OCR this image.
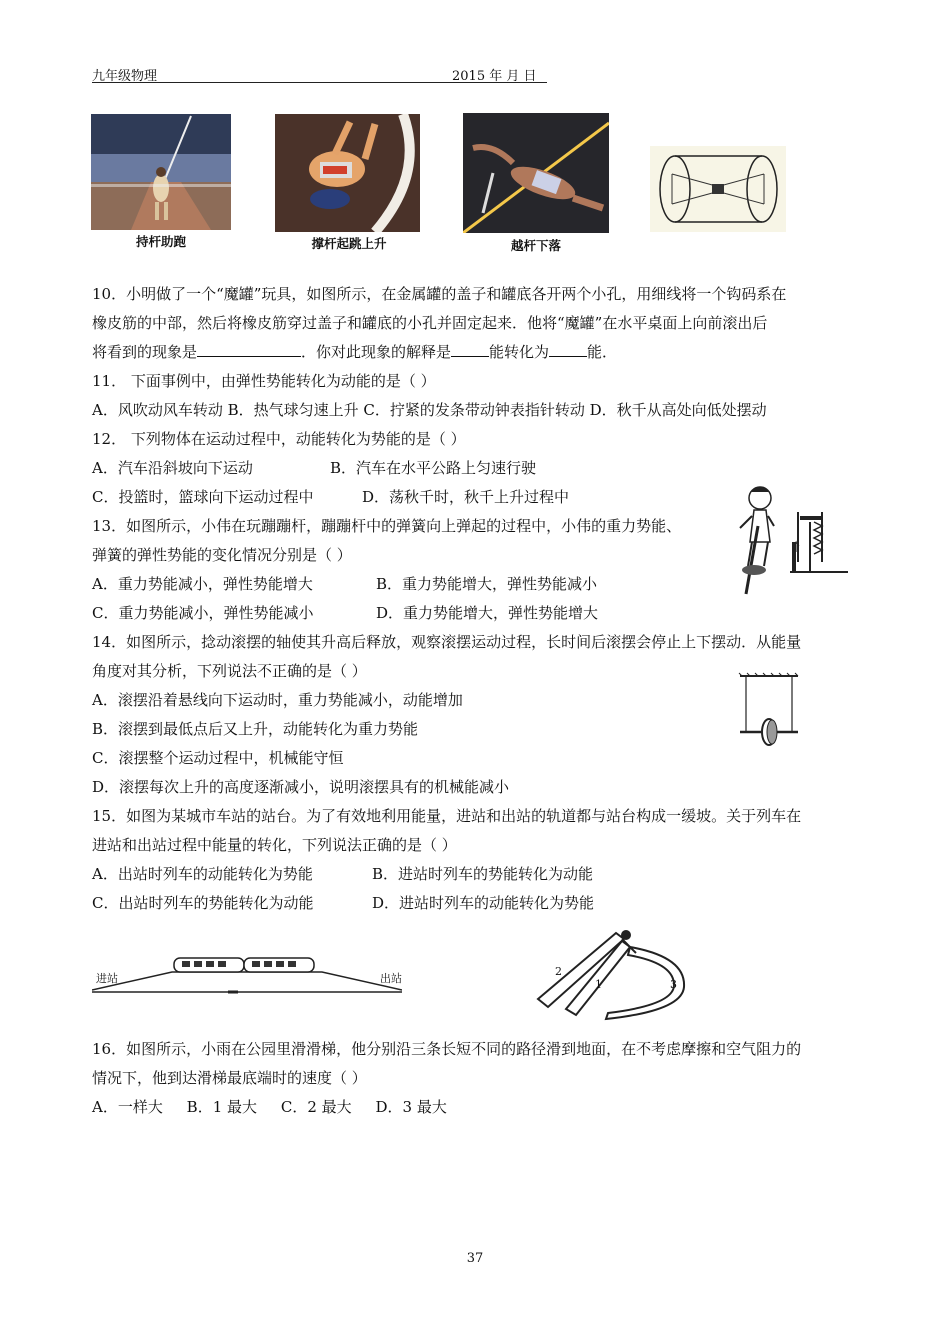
九年级物理	2015 年 月 日
持杆助跑	撑杆起跳上升	越杆下落
10．小明做了一个“魔罐”玩具，如图所示，在金属罐的盖子和罐底各开两个小孔，用细线将一个钩码系在
橡皮筋的中部，然后将橡皮筋穿过盖子和罐底的小孔并固定起来．他将“魔罐”在水平桌面上向前滚出后
将看到的现象是	．你对此现象的解释是	能转化为	能．
11． 下面事例中，由弹性势能转化为动能的是（ ）
A．风吹动风车转动 B．热气球匀速上升 C．拧紧的发条带动钟表指针转动 D．秋千从高处向低处摆动
12． 下列物体在运动过程中，动能转化为势能的是（ ）
A．汽车沿斜坡向下运动	B．汽车在水平公路上匀速行驶
C．投篮时，篮球向下运动过程中	D．荡秋千时，秋千上升过程中
13．如图所示，小伟在玩蹦蹦杆，蹦蹦杆中的弹簧向上弹起的过程中，小伟的重力势能、
弹簧的弹性势能的变化情况分别是（ ）
A．重力势能减小，弹性势能增大	B．重力势能增大，弹性势能减小
C．重力势能减小，弹性势能减小	D．重力势能增大，弹性势能增大
14．如图所示，捻动滚摆的轴使其升高后释放，观察滚摆运动过程，长时间后滚摆会停止上下摆动．从能量
角度对其分析，下列说法不正确的是（ ）
A．滚摆沿着悬线向下运动时，重力势能减小，动能增加
B．滚摆到最低点后又上升，动能转化为重力势能
C．滚摆整个运动过程中，机械能守恒
D．滚摆每次上升的高度逐渐减小，说明滚摆具有的机械能减小
15．如图为某城市车站的站台。为了有效地利用能量，进站和出站的轨道都与站台构成一缓坡。关于列车在
进站和出站过程中能量的转化，下列说法正确的是（ ）
A．出站时列车的动能转化为势能	B．进站时列车的势能转化为动能
C．出站时列车的势能转化为动能	D．进站时列车的动能转化为势能
进站	出站
2
1	3
16．如图所示，小雨在公园里滑滑梯，他分别沿三条长短不同的路径滑到地面，在不考虑摩擦和空气阻力的
情况下，他到达滑梯最底端时的速度（ ）
A．一样大     B．1 最大     C．2 最大     D．3 最大
37
